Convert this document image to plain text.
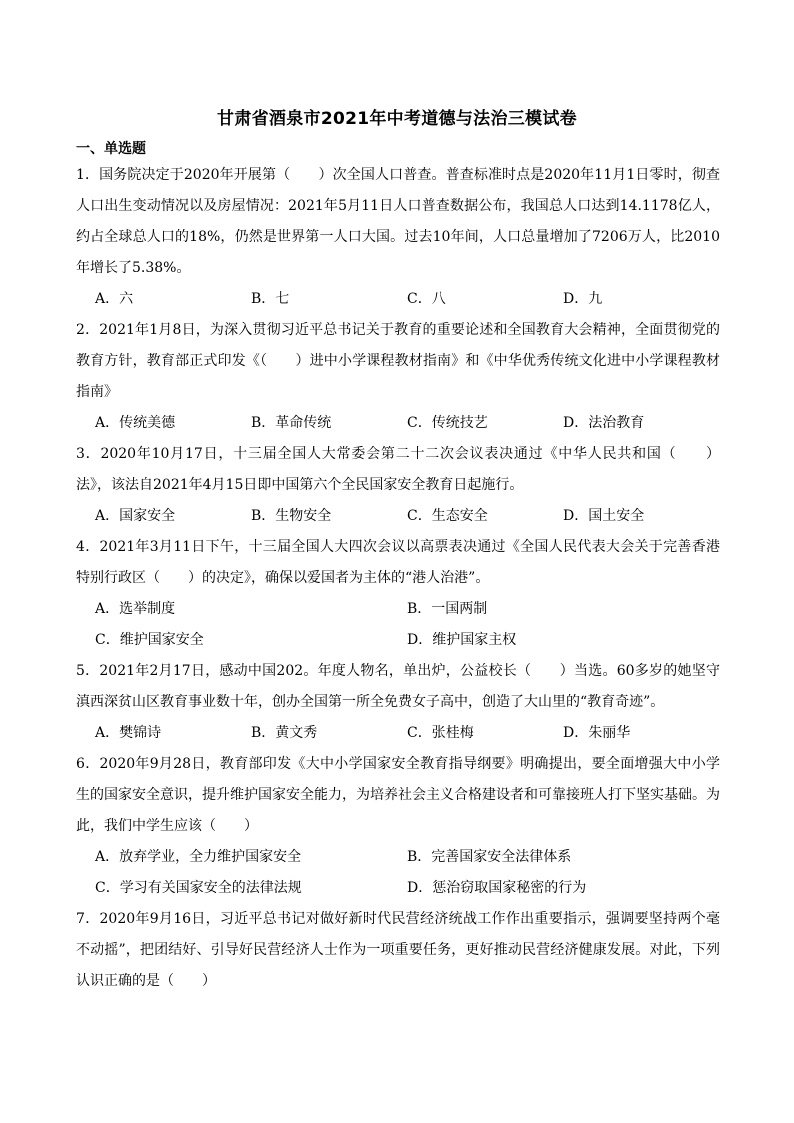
甘肃省酒泉市2021年中考道德与法治三模试卷
一、单选题

1．国务院决定于2020年开展第（　　）次全国人口普查。普查标准时点是2020年11月1日零时，彻查人口出生变动情况以及房屋情况：2021年5月11日人口普查数据公布，我国总人口达到14.1178亿人，约占全球总人口的18%，仍然是世界第一人口大国。过去10年间，人口总量增加了7206万人，比2010年增长了5.38%。

A．六	B．七	C．八	D．九

2．2021年1月8日，为深入贯彻习近平总书记关于教育的重要论述和全国教育大会精神，全面贯彻党的教育方针，教育部正式印发《（　　）进中小学课程教材指南》和《中华优秀传统文化进中小学课程教材指南》

A．传统美德	B．革命传统	C．传统技艺	D．法治教育

3．2020年10月17日，十三届全国人大常委会第二十二次会议表决通过《中华人民共和国（　　）法》，该法自2021年4月15日即中国第六个全民国家安全教育日起施行。

A．国家安全	B．生物安全	C．生态安全	D．国土安全

4．2021年3月11日下午，十三届全国人大四次会议以高票表决通过《全国人民代表大会关于完善香港特别行政区（　　）的决定》，确保以爱国者为主体的“港人治港”。

A．选举制度	B．一国两制
C．维护国家安全	D．维护国家主权

5．2021年2月17日，感动中国202。年度人物名，单出炉，公益校长（　　）当选。60多岁的她坚守滇西深贫山区教育事业数十年，创办全国第一所全免费女子高中，创造了大山里的“教育奇迹”。

A．樊锦诗	B．黄文秀	C．张桂梅	D．朱丽华

6．2020年9月28日，教育部印发《大中小学国家安全教育指导纲要》明确提出，要全面增强大中小学生的国家安全意识，提升维护国家安全能力，为培养社会主义合格建设者和可靠接班人打下坚实基础。为此，我们中学生应该（　　）

A．放弃学业，全力维护国家安全	B．完善国家安全法律体系
C．学习有关国家安全的法律法规	D．惩治窃取国家秘密的行为

7．2020年9月16日，习近平总书记对做好新时代民营经济统战工作作出重要指示，强调要坚持两个毫不动摇”，把团结好、引导好民营经济人士作为一项重要任务，更好推动民营经济健康发展。对此，下列认识正确的是（　　）
